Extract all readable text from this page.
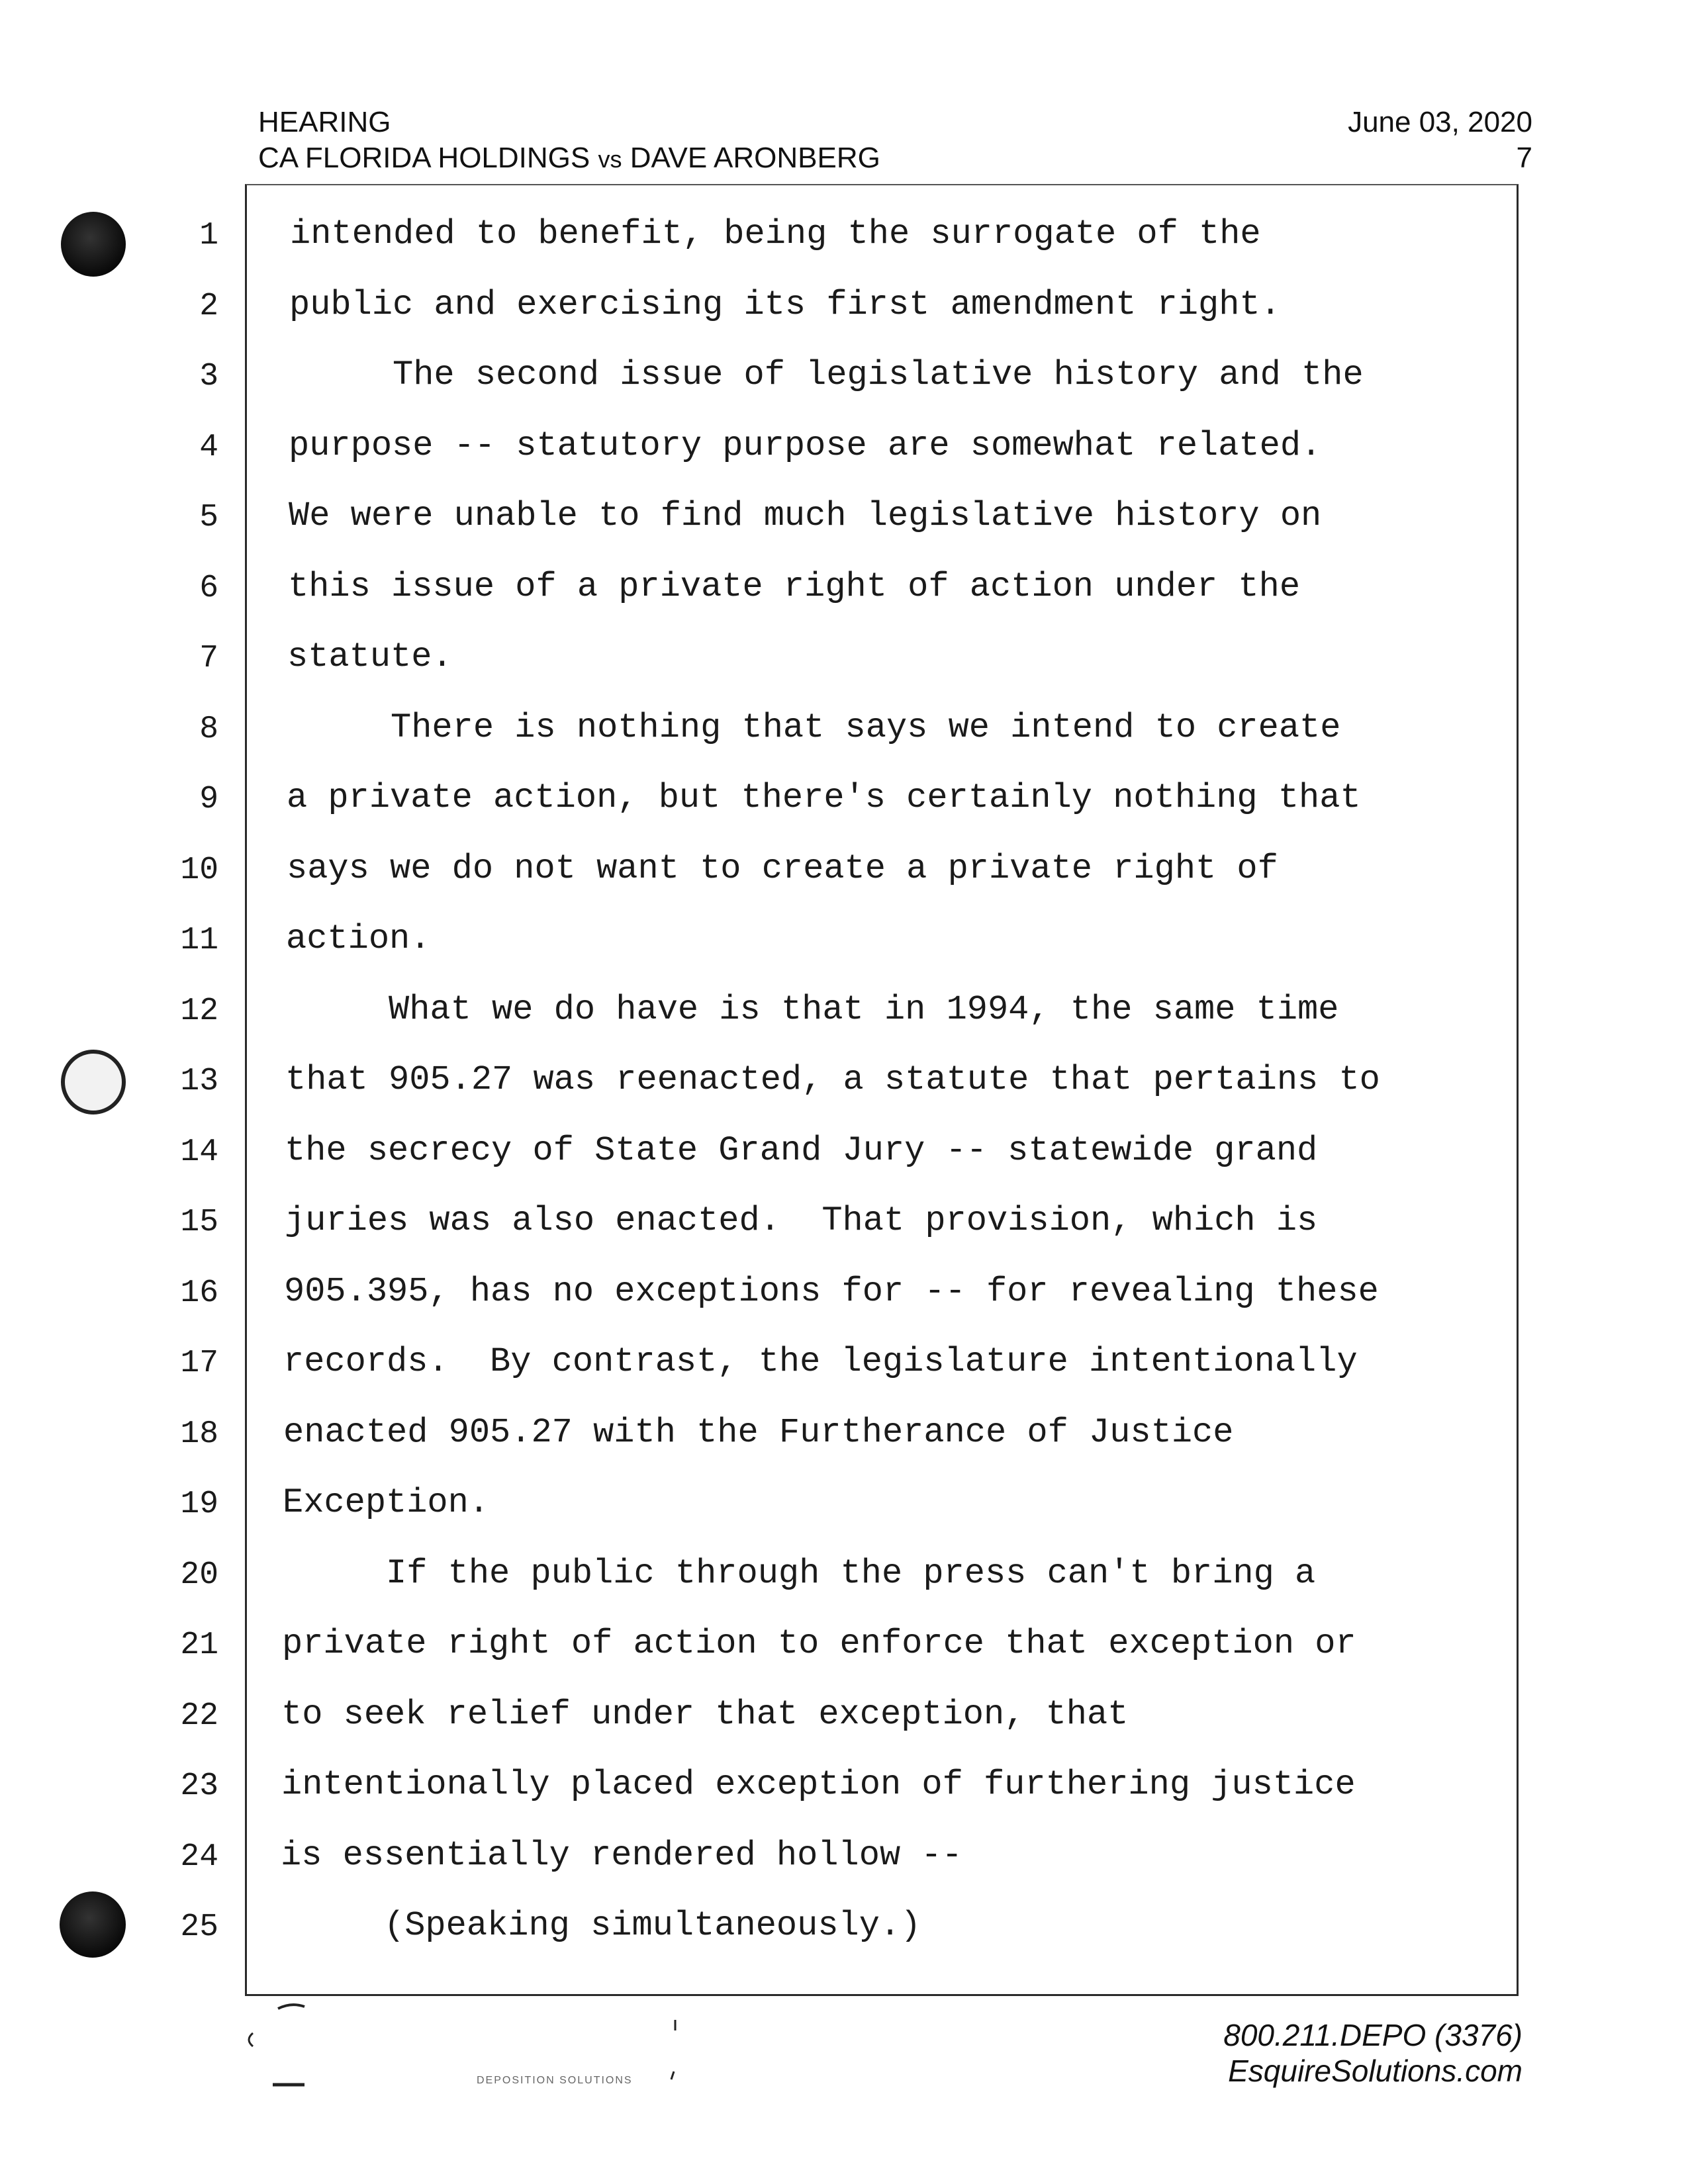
HEARING
CA FLORIDA HOLDINGS vs DAVE ARONBERG
June 03, 2020
7
1 intended to benefit, being the surrogate of the
2 public and exercising its first amendment right.
3 The second issue of legislative history and the
4 purpose -- statutory purpose are somewhat related.
5 We were unable to find much legislative history on
6 this issue of a private right of action under the
7 statute.
8 There is nothing that says we intend to create
9 a private action, but there's certainly nothing that
10 says we do not want to create a private right of
11 action.
12 What we do have is that in 1994, the same time
13 that 905.27 was reenacted, a statute that pertains to
14 the secrecy of State Grand Jury -- statewide grand
15 juries was also enacted.  That provision, which is
16 905.395, has no exceptions for -- for revealing these
17 records.  By contrast, the legislature intentionally
18 enacted 905.27 with the Furtherance of Justice
19 Exception.
20 If the public through the press can't bring a
21 private right of action to enforce that exception or
22 to seek relief under that exception, that
23 intentionally placed exception of furthering justice
24 is essentially rendered hollow --
25 (Speaking simultaneously.)
DEPOSITION SOLUTIONS
800.211.DEPO (3376)
EsquireSolutions.com
